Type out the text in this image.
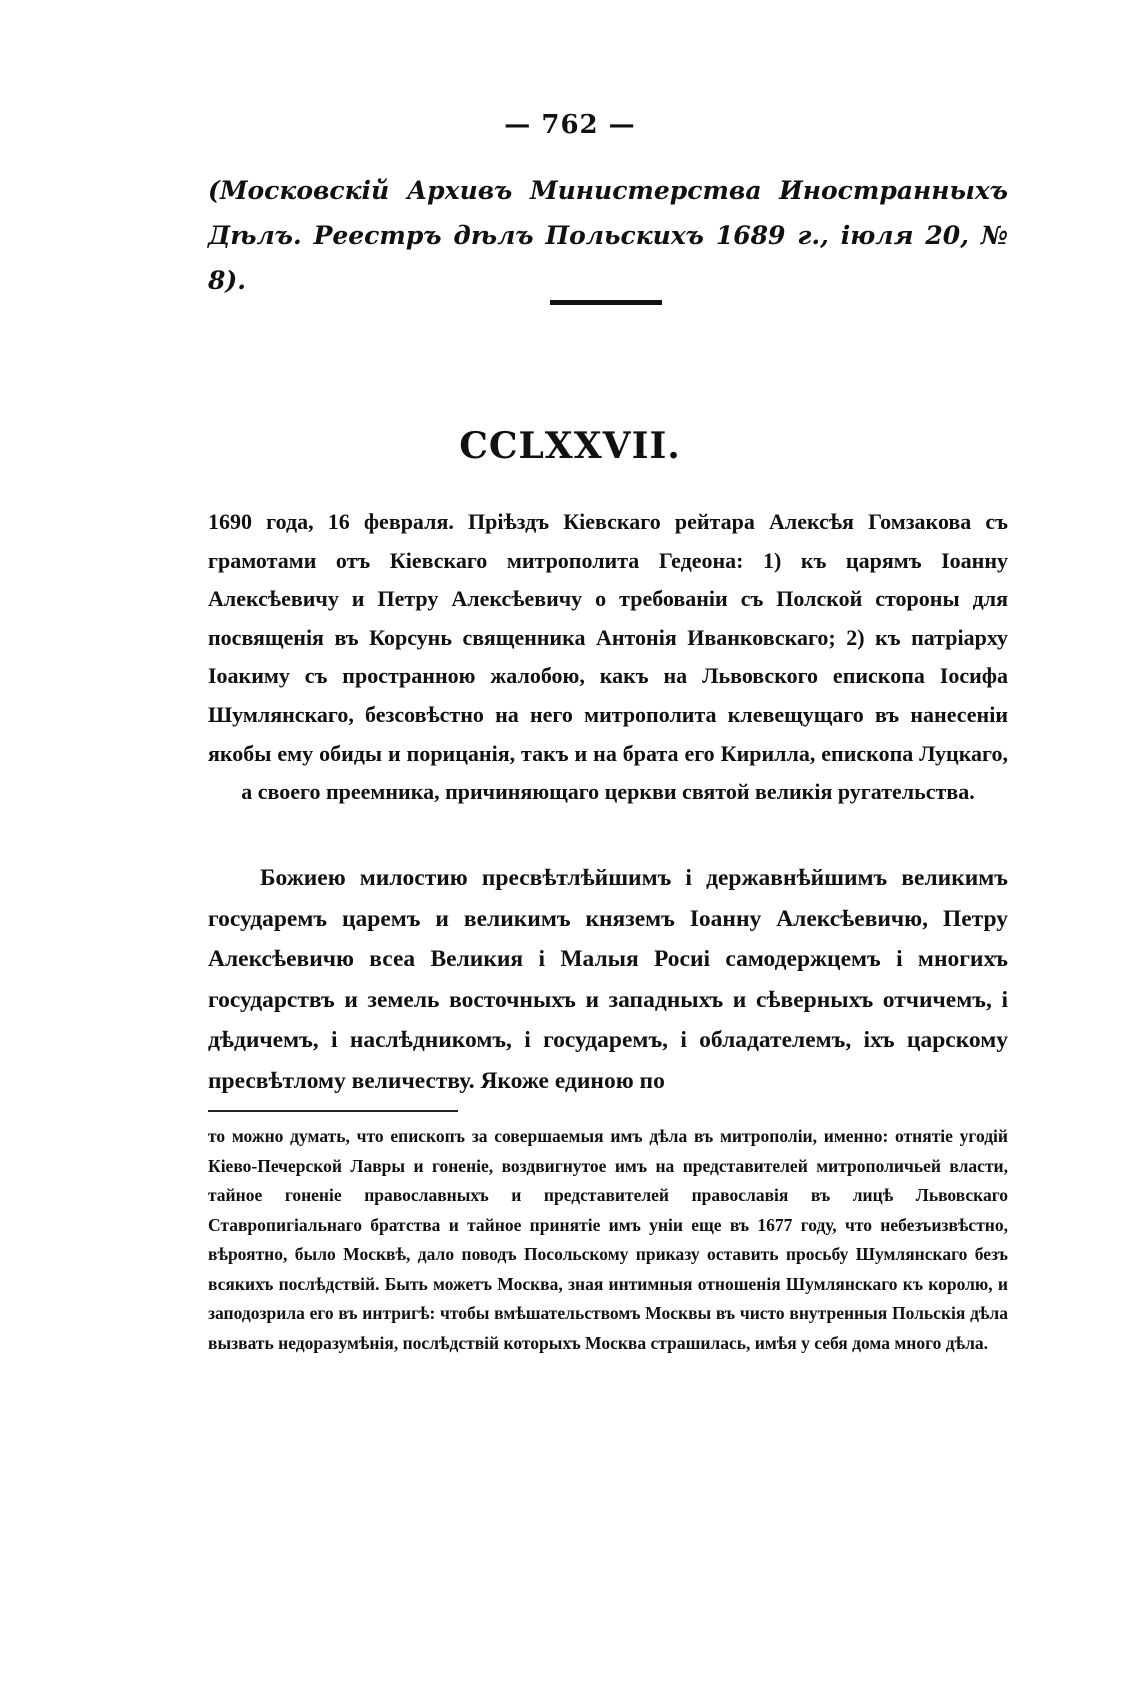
— 762 —
(Московскій Архивъ Министерства Иностранныхъ Дѣлъ. Реестръ дѣлъ Польскихъ 1689 г., іюля 20, № 8).
CCLXXVII.
1690 года, 16 февраля. Пріѣздъ Кіевскаго рейтара Алексѣя Гомзакова съ грамотами отъ Кіевскаго митрополита Гедеона: 1) къ царямъ Іоанну Алексѣевичу и Петру Алексѣевичу о требованіи съ Полской стороны для посвященія въ Корсунь священника Антонія Иванковскаго; 2) къ патріарху Іоакиму съ пространною жалобою, какъ на Львовского епископа Іосифа Шумлянскаго, безсовѣстно на него митрополита клевещущаго въ нанесеніи якобы ему обиды и порицанія, такъ и на брата его Кирилла, епископа Луцкаго, а своего преемника, причиняющаго церкви святой великія ругательства.
Божиею милостию пресвѣтлѣйшимъ і державнѣйшимъ великимъ государемъ царемъ и великимъ княземъ Іоанну Алексѣевичю, Петру Алексѣевичю всеа Великия і Малыя Росиі самодержцемъ і многихъ государствъ и земель восточныхъ и западныхъ и сѣверныхъ отчичемъ, і дѣдичемъ, і наслѣдникомъ, і государемъ, і обладателемъ, іхъ царскому пресвѣтлому величеству. Якоже единою по
то можно думать, что епископъ за совершаемыя имъ дѣла въ митрополіи, именно: отнятіе угодій Кіево-Печерской Лавры и гоненіе, воздвигнутое имъ на представителей митрополичьей власти, тайное гоненіе православныхъ и представителей православія въ лицѣ Львовскаго Ставропигіальнаго братства и тайное принятіе имъ уніи еще въ 1677 году, что небезъизвѣстно, вѣроятно, было Москвѣ, дало поводъ Посольскому приказу оставить просьбу Шумлянскаго безъ всякихъ послѣдствій. Быть можетъ Москва, зная интимныя отношенія Шумлянскаго къ королю, и заподозрила его въ интригѣ: чтобы вмѣшательствомъ Москвы въ чисто внутренныя Польскія дѣла вызвать недоразумѣнія, послѣдствій которыхъ Москва страшилась, имѣя у себя дома много дѣла.
